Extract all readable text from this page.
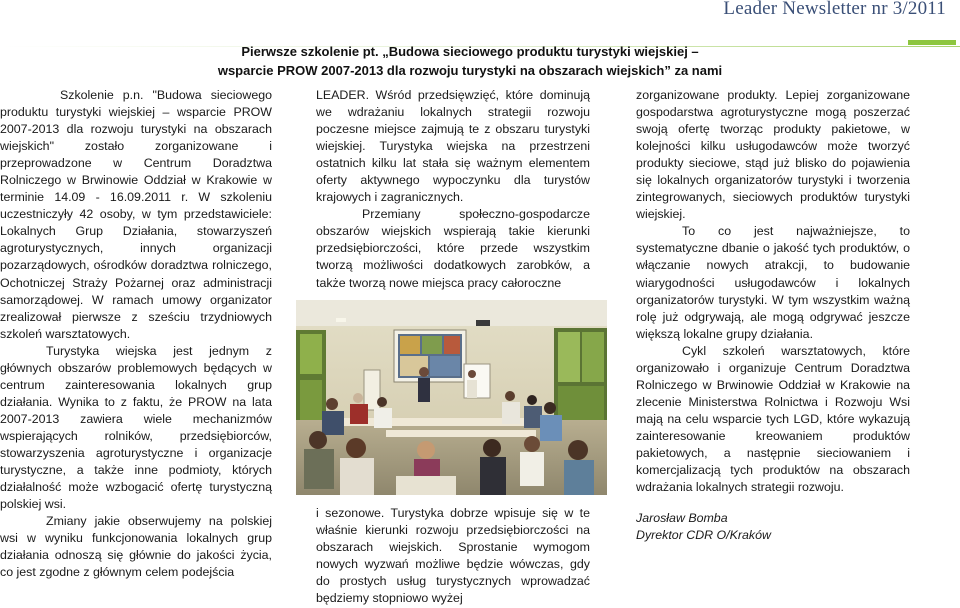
Leader Newsletter nr 3/2011
Pierwsze szkolenie pt. „Budowa sieciowego produktu turystyki wiejskiej –
wsparcie PROW 2007-2013 dla rozwoju turystyki na obszarach wiejskich” za nami

Szkolenie p.n. "Budowa sieciowego produktu turystyki wiejskiej – wsparcie PROW 2007-2013 dla rozwoju turystyki na obszarach wiejskich" zostało zorganizowane i przeprowadzone w Centrum Doradztwa Rolniczego w Brwinowie Oddział w Krakowie w terminie 14.09 - 16.09.2011 r. W szkoleniu uczestniczyły 42 osoby, w tym przedstawiciele: Lokalnych Grup Działania, stowarzyszeń agroturystycznych, innych organizacji pozarządowych, ośrodków doradztwa rolniczego, Ochotniczej Straży Pożarnej oraz administracji samorządowej. W ramach umowy organizator zrealizował pierwsze z sześciu trzydniowych szkoleń warsztatowych.

Turystyka wiejska jest jednym z głównych obszarów problemowych będących w centrum zainteresowania lokalnych grup działania. Wynika to z faktu, że PROW na lata 2007-2013 zawiera wiele mechanizmów wspierających rolników, przedsiębiorców, stowarzyszenia agroturystyczne i organizacje turystyczne, a także inne podmioty, których działalność może wzbogacić ofertę turystyczną polskiej wsi.

Zmiany jakie obserwujemy na polskiej wsi w wyniku funkcjonowania lokalnych grup działania odnoszą się głównie do jakości życia, co jest zgodne z głównym celem podejścia

LEADER. Wśród przedsięwzięć, które dominują we wdrażaniu lokalnych strategii rozwoju poczesne miejsce zajmują te z obszaru turystyki wiejskiej. Turystyka wiejska na przestrzeni ostatnich kilku lat stała się ważnym elementem oferty aktywnego wypoczynku dla turystów krajowych i zagranicznych.

Przemiany społeczno-gospodarcze obszarów wiejskich wspierają takie kierunki przedsiębiorczości, które przede wszystkim tworzą możliwości dodatkowych zarobków, a także tworzą nowe miejsca pracy całoroczne

i sezonowe. Turystyka dobrze wpisuje się w te właśnie kierunki rozwoju przedsiębiorczości na obszarach wiejskich. Sprostanie wymogom nowych wyzwań możliwe będzie wówczas, gdy do prostych usług turystycznych wprowadzać będziemy stopniowo wyżej

zorganizowane produkty. Lepiej zorganizowane gospodarstwa agroturystyczne mogą poszerzać swoją ofertę tworząc produkty pakietowe, w kolejności kilku usługodawców może tworzyć produkty sieciowe, stąd już blisko do pojawienia się lokalnych organizatorów turystyki i tworzenia zintegrowanych, sieciowych produktów turystyki wiejskiej.

To co jest najważniejsze, to systematyczne dbanie o jakość tych produktów, o włączanie nowych atrakcji, to budowanie wiarygodności usługodawców i lokalnych organizatorów turystyki. W tym wszystkim ważną rolę już odgrywają, ale mogą odgrywać jeszcze większą lokalne grupy działania.

Cykl szkoleń warsztatowych, które organizowało i organizuje Centrum Doradztwa Rolniczego w Brwinowie Oddział w Krakowie na zlecenie Ministerstwa Rolnictwa i Rozwoju Wsi mają na celu wsparcie tych LGD, które wykazują zainteresowanie kreowaniem produktów pakietowych, a następnie sieciowaniem i komercjalizacją tych produktów na obszarach wdrażania lokalnych strategii rozwoju.

Jarosław Bomba
Dyrektor CDR O/Kraków
